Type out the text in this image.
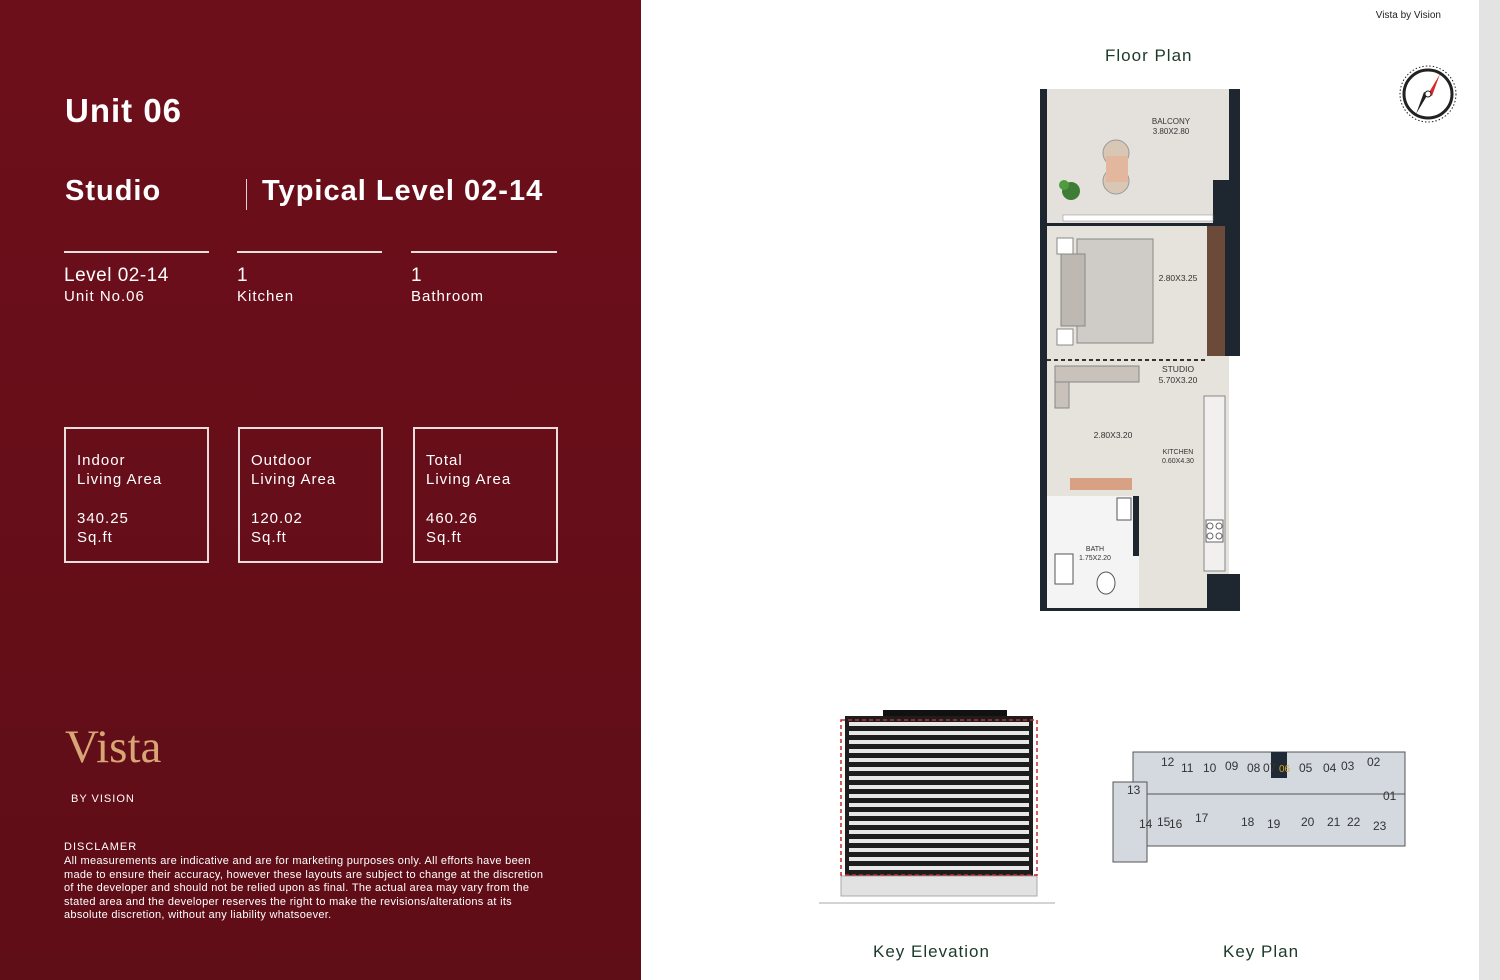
Unit 06
Studio	Typical Level 02-14
Level 02-14
Unit No.06
1
Kitchen
1
Bathroom
Indoor
Living Area
340.25
Sq.ft
Outdoor
Living Area
120.02
Sq.ft
Total
Living Area
460.26
Sq.ft
Vista
BY VISION
DISCLAMER
All measurements are indicative and are for marketing purposes only. All efforts have been made to ensure their accuracy, however these layouts are subject to change at the discretion of the developer and should not be relied upon as final. The actual area may vary from the stated area and the developer reserves the right to make the revisions/alterations at its absolute discretion, without any liability whatsoever.
Vista by Vision
Floor Plan
BALCONY
3.80X2.80
2.80X3.25
STUDIO
5.70X3.20
2.80X3.20
KITCHEN
0.60X4.30
BATH
1.75X2.20
Key Elevation
12 11 10 09 08 07 06 05 04 03 02
01
13
14 15
16 17	18 19 20 21 22 23
Key Plan
